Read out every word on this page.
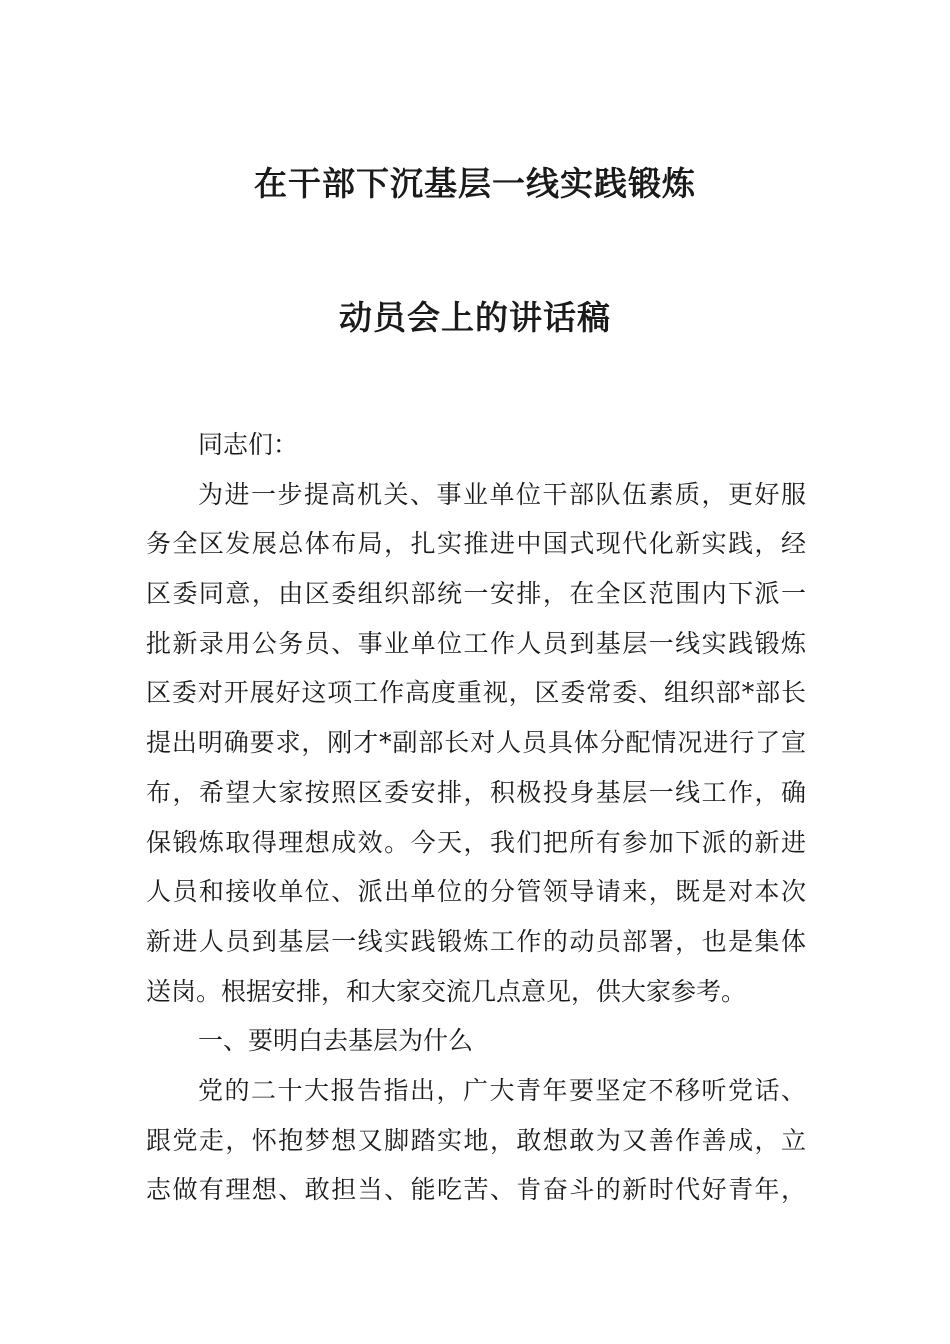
在干部下沉基层一线实践锻炼
动员会上的讲话稿
同志们：
为进一步提高机关、事业单位干部队伍素质，更好服
务全区发展总体布局，扎实推进中国式现代化新实践，经
区委同意，由区委组织部统一安排，在全区范围内下派一
批新录用公务员、事业单位工作人员到基层一线实践锻炼
区委对开展好这项工作高度重视，区委常委、组织部*部长
提出明确要求，刚才*副部长对人员具体分配情况进行了宣
布，希望大家按照区委安排，积极投身基层一线工作，确
保锻炼取得理想成效。今天，我们把所有参加下派的新进
人员和接收单位、派出单位的分管领导请来，既是对本次
新进人员到基层一线实践锻炼工作的动员部署，也是集体
送岗。根据安排，和大家交流几点意见，供大家参考。
一、要明白去基层为什么
党的二十大报告指出，广大青年要坚定不移听党话、
跟党走，怀抱梦想又脚踏实地，敢想敢为又善作善成，立
志做有理想、敢担当、能吃苦、肯奋斗的新时代好青年，
